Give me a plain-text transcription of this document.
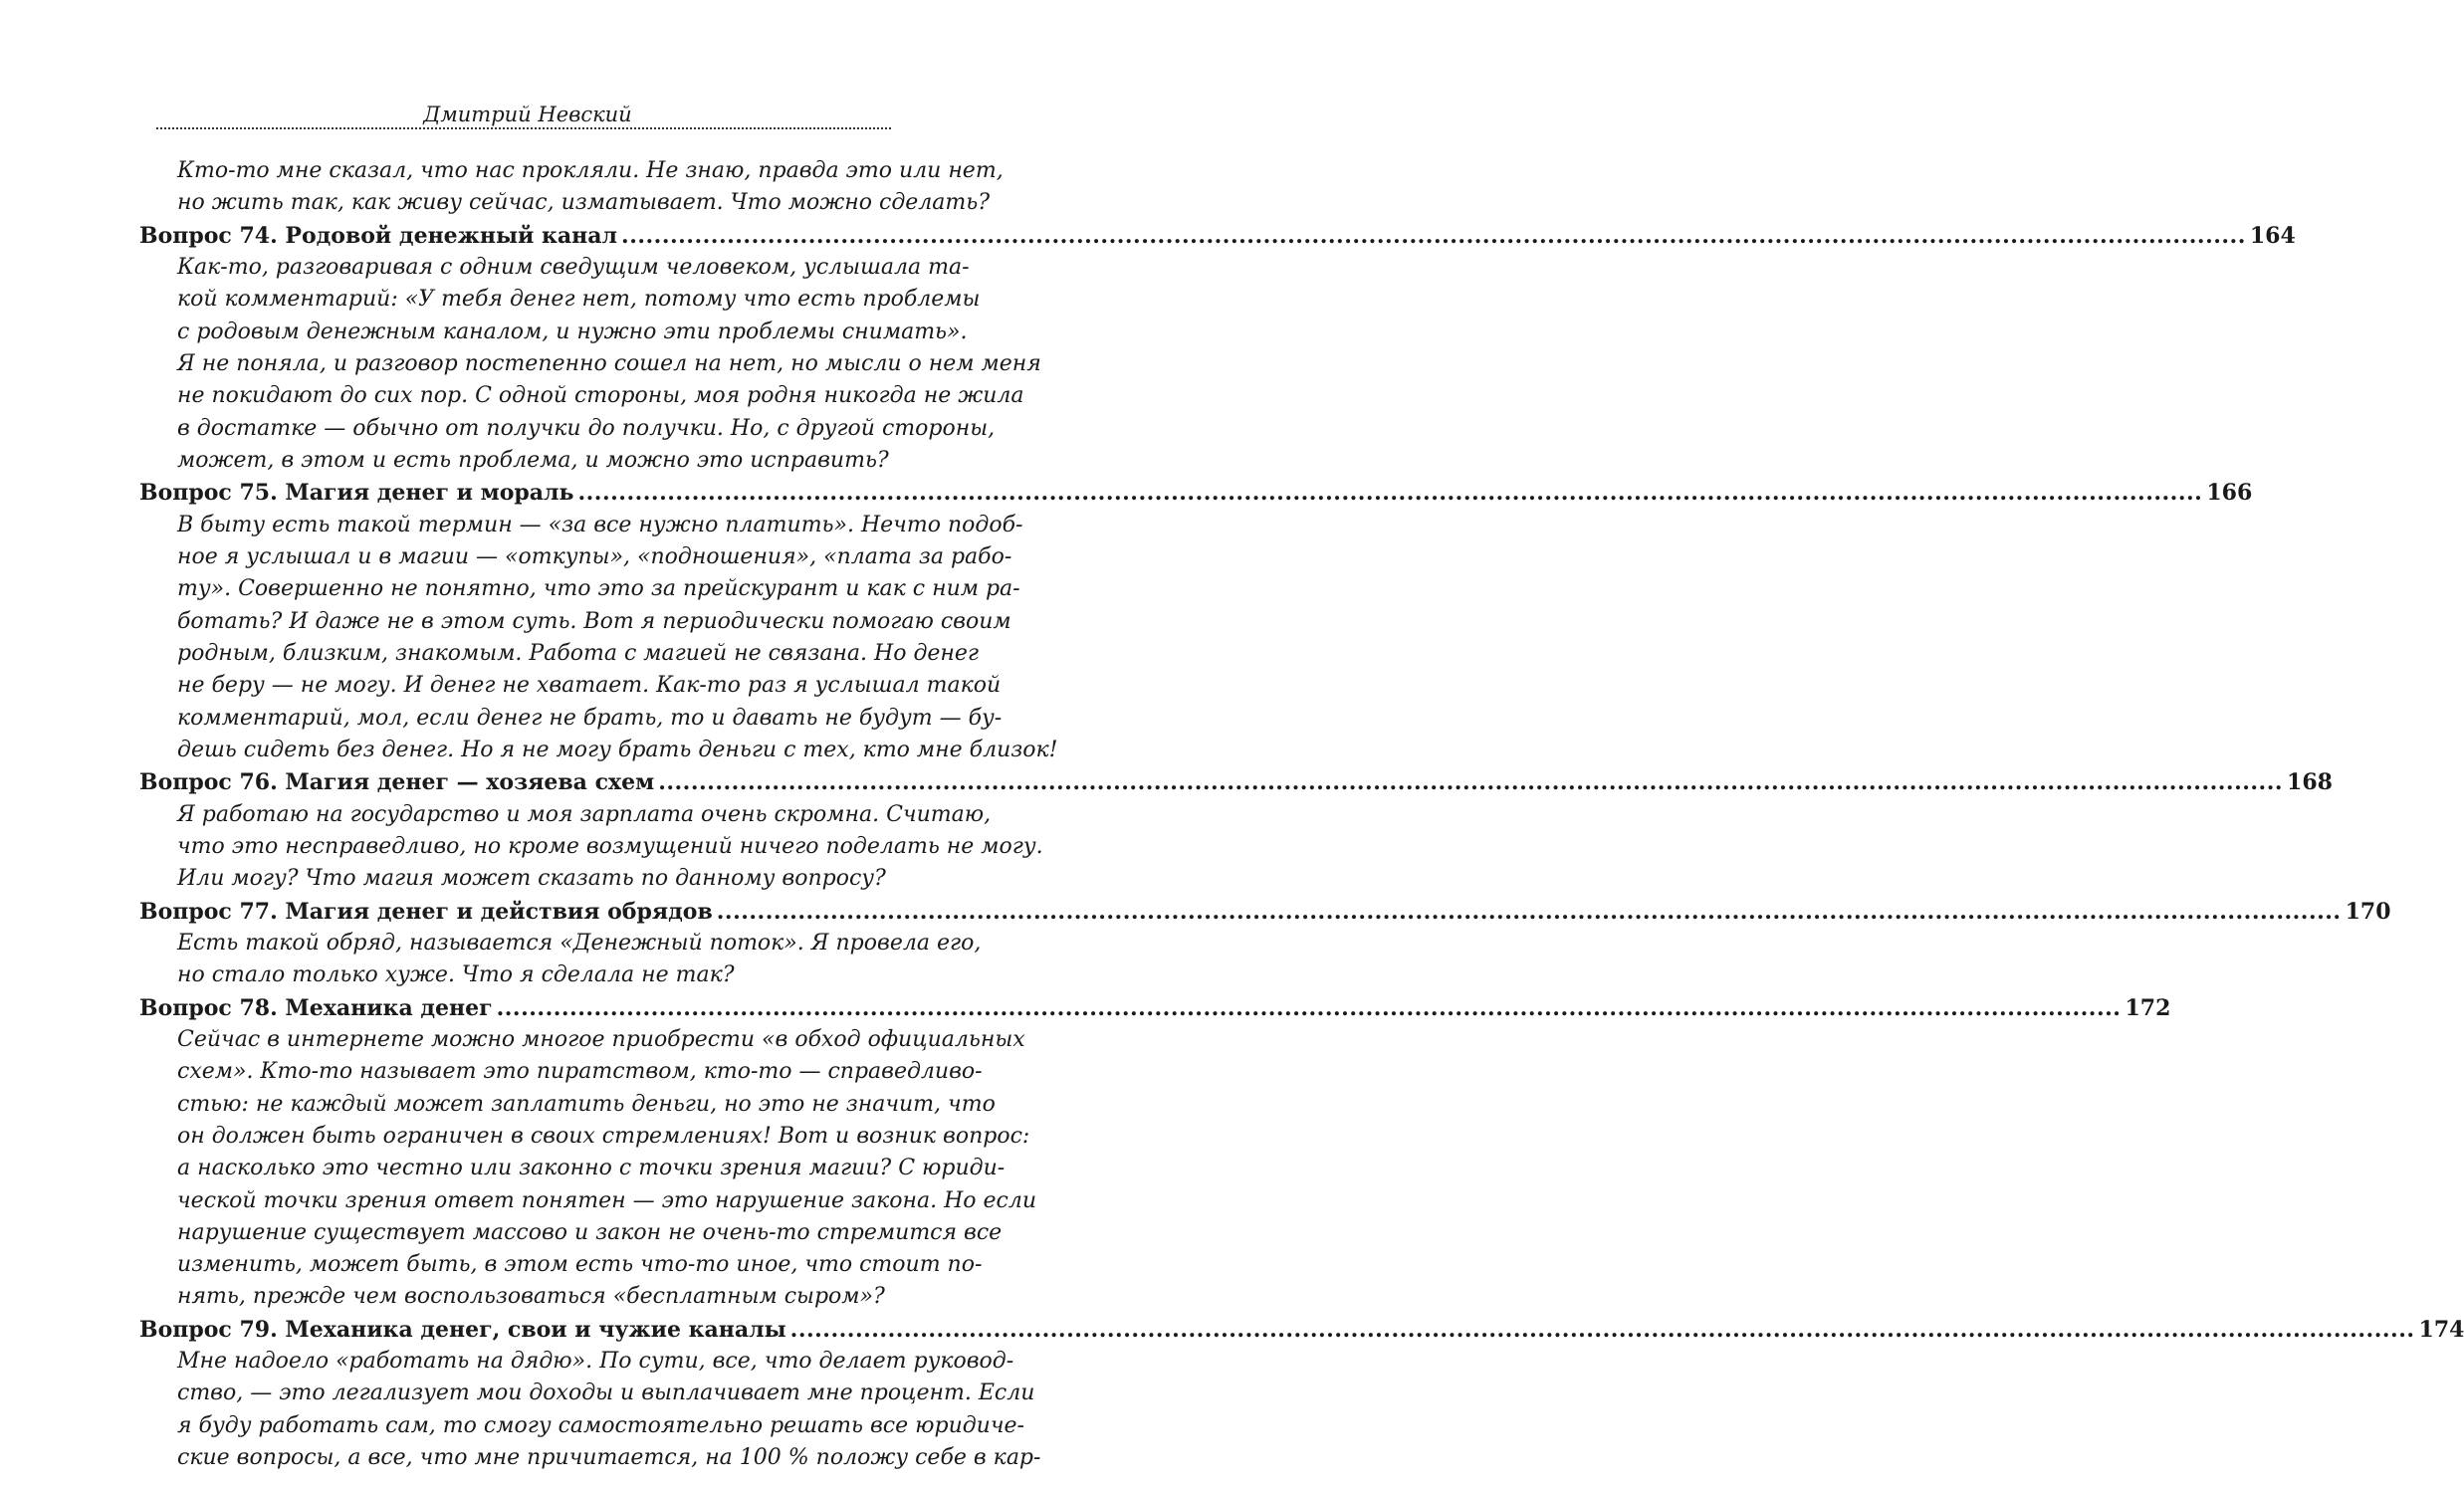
Дмитрий Невский
Кто-то мне сказал, что нас прокляли. Не знаю, правда это или нет,
но жить так, как живу сейчас, изматывает. Что можно сделать?
Вопрос 74. Родовой денежный канал .....	164
Как-то, разговаривая с одним сведущим человеком, услышала та-
кой комментарий: «У тебя денег нет, потому что есть проблемы
с родовым денежным каналом, и нужно эти проблемы снимать».
Я не поняла, и разговор постепенно сошел на нет, но мысли о нем меня
не покидают до сих пор. С одной стороны, моя родня никогда не жила
в достатке — обычно от получки до получки. Но, с другой стороны,
может, в этом и есть проблема, и можно это исправить?
Вопрос 75. Магия денег и мораль .....	166
В быту есть такой термин — «за все нужно платить». Нечто подоб-
ное я услышал и в магии — «откупы», «подношения», «плата за рабо-
ту». Совершенно не понятно, что это за прейскурант и как с ним ра-
ботать? И даже не в этом суть. Вот я периодически помогаю своим
родным, близким, знакомым. Работа с магией не связана. Но денег
не беру — не могу. И денег не хватает. Как-то раз я услышал такой
комментарий, мол, если денег не брать, то и давать не будут — бу-
дешь сидеть без денег. Но я не могу брать деньги с тех, кто мне близок!
Вопрос 76. Магия денег — хозяева схем .....	168
Я работаю на государство и моя зарплата очень скромна. Считаю,
что это несправедливо, но кроме возмущений ничего поделать не могу.
Или могу? Что магия может сказать по данному вопросу?
Вопрос 77. Магия денег и действия обрядов .....	170
Есть такой обряд, называется «Денежный поток». Я провела его,
но стало только хуже. Что я сделала не так?
Вопрос 78. Механика денег .....	172
Сейчас в интернете можно многое приобрести «в обход официальных
схем». Кто-то называет это пиратством, кто-то — справедливо-
стью: не каждый может заплатить деньги, но это не значит, что
он должен быть ограничен в своих стремлениях! Вот и возник вопрос:
а насколько это честно или законно с точки зрения магии? С юриди-
ческой точки зрения ответ понятен — это нарушение закона. Но если
нарушение существует массово и закон не очень-то стремится все
изменить, может быть, в этом есть что-то иное, что стоит по-
нять, прежде чем воспользоваться «бесплатным сыром»?
Вопрос 79. Механика денег, свои и чужие каналы .....	174
Мне надоело «работать на дядю». По сути, все, что делает руковод-
ство, — это легализует мои доходы и выплачивает мне процент. Если
я буду работать сам, то смогу самостоятельно решать все юридиче-
ские вопросы, а все, что мне причитается, на 100 % положу себе в кар-
